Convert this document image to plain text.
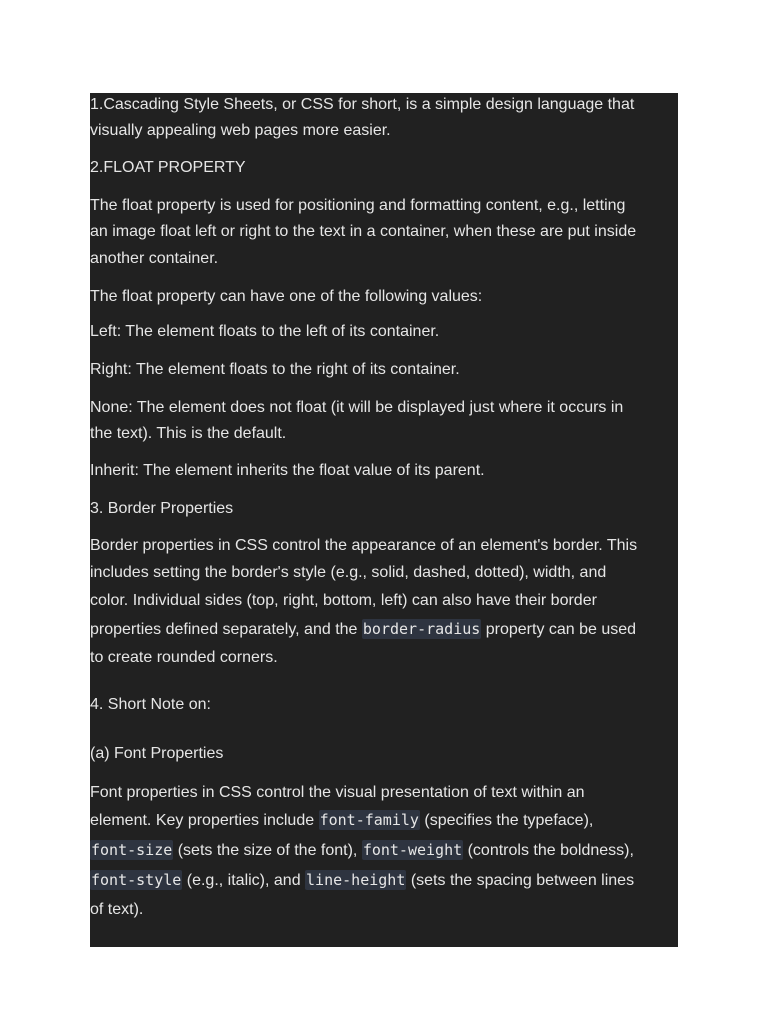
1.Cascading Style Sheets, or CSS for short, is a simple design language that
visually appealing web pages more easier.
2.FLOAT PROPERTY
The float property is used for positioning and formatting content, e.g., letting
an image float left or right to the text in a container, when these are put inside
another container.
The float property can have one of the following values:
Left: The element floats to the left of its container.
Right: The element floats to the right of its container.
None: The element does not float (it will be displayed just where it occurs in
the text). This is the default.
Inherit: The element inherits the float value of its parent.
3. Border Properties
Border properties in CSS control the appearance of an element's border. This
includes setting the border's style (e.g., solid, dashed, dotted), width, and
color. Individual sides (top, right, bottom, left) can also have their border
properties defined separately, and the border-radius property can be used
to create rounded corners.
4. Short Note on:
(a) Font Properties
Font properties in CSS control the visual presentation of text within an
element. Key properties include font-family (specifies the typeface),
font-size (sets the size of the font), font-weight (controls the boldness),
font-style (e.g., italic), and line-height (sets the spacing between lines
of text).
